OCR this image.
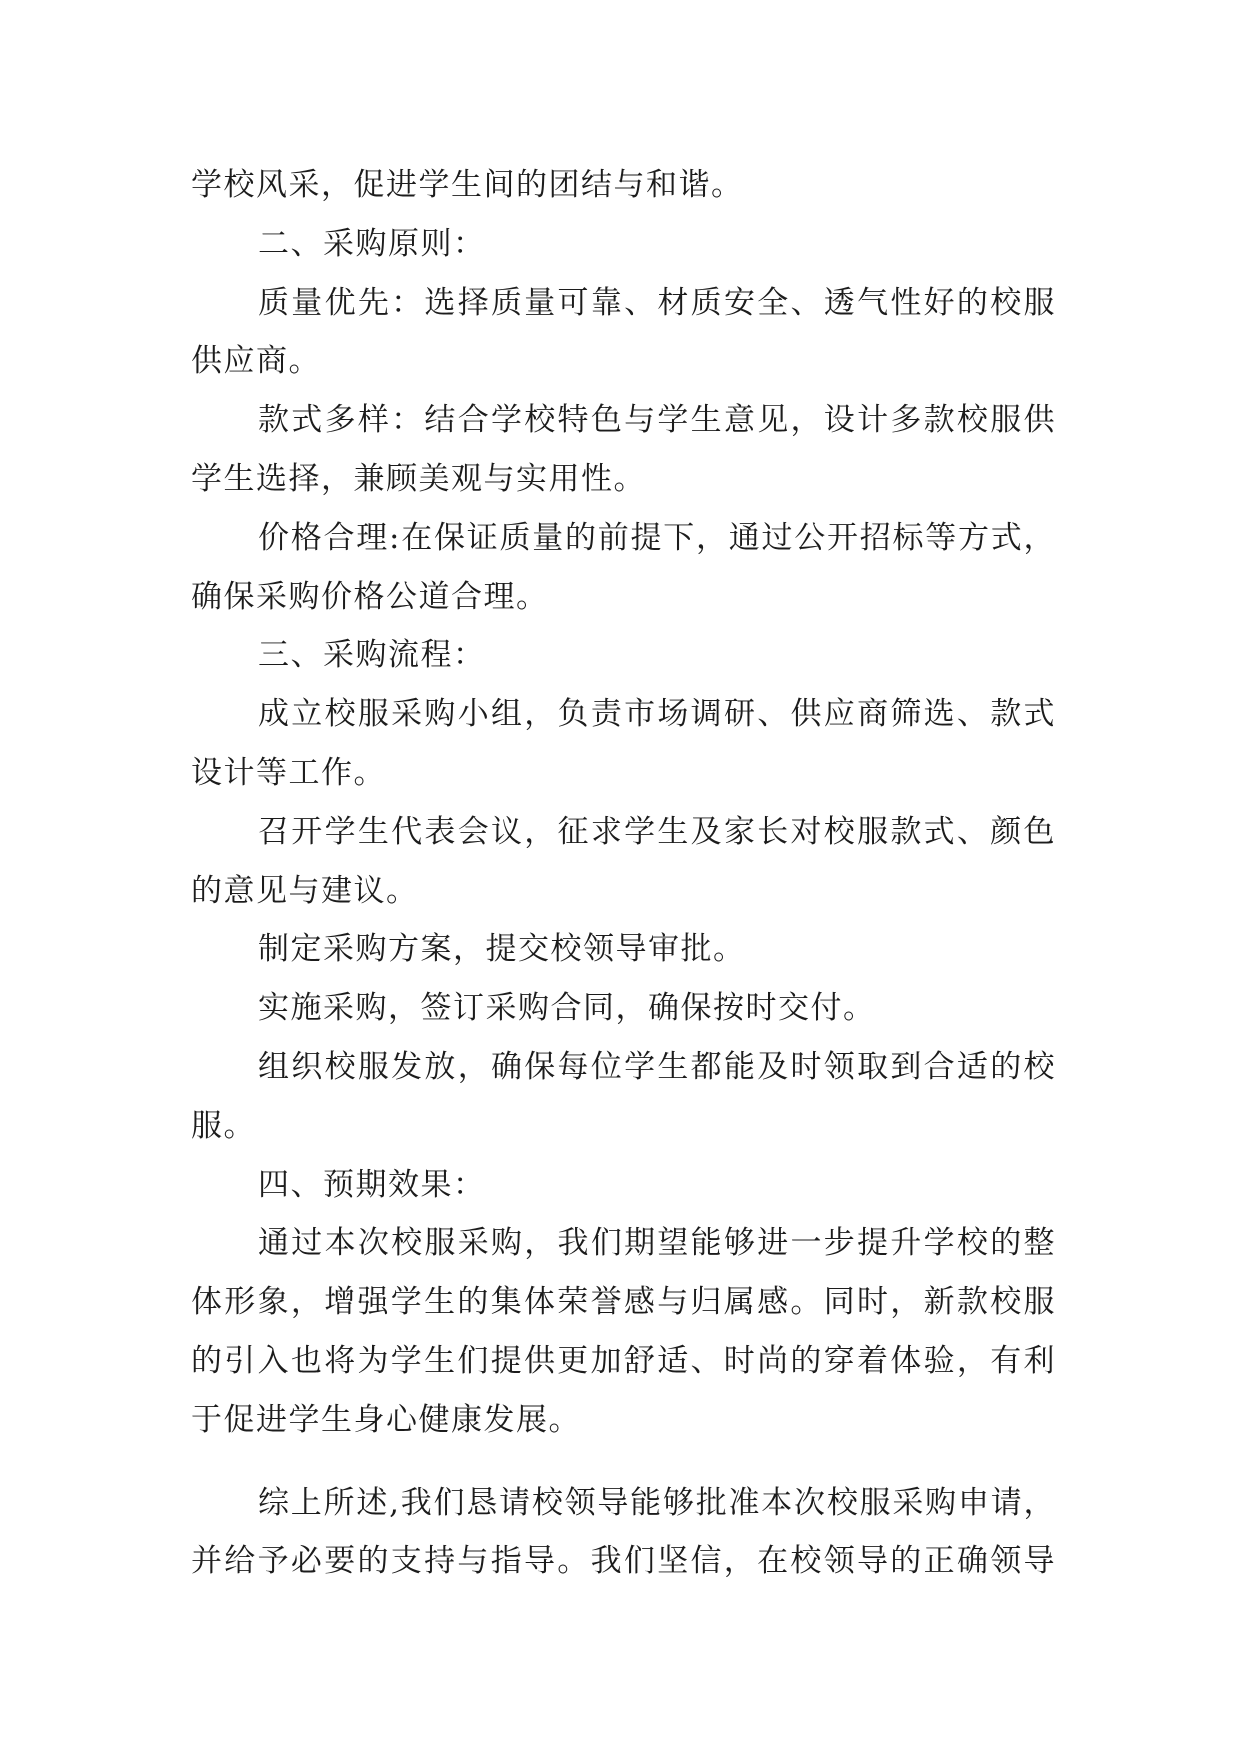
学校风采，促进学生间的团结与和谐。
二、采购原则：
质量优先：选择质量可靠、材质安全、透气性好的校服
供应商。
款式多样：结合学校特色与学生意见，设计多款校服供
学生选择，兼顾美观与实用性。
价格合理:在保证质量的前提下，通过公开招标等方式，
确保采购价格公道合理。
三、采购流程：
成立校服采购小组，负责市场调研、供应商筛选、款式
设计等工作。
召开学生代表会议，征求学生及家长对校服款式、颜色
的意见与建议。
制定采购方案，提交校领导审批。
实施采购，签订采购合同，确保按时交付。
组织校服发放，确保每位学生都能及时领取到合适的校
服。
四、预期效果：
通过本次校服采购，我们期望能够进一步提升学校的整
体形象，增强学生的集体荣誉感与归属感。同时，新款校服
的引入也将为学生们提供更加舒适、时尚的穿着体验，有利
于促进学生身心健康发展。
综上所述,我们恳请校领导能够批准本次校服采购申请，
并给予必要的支持与指导。我们坚信，在校领导的正确领导
